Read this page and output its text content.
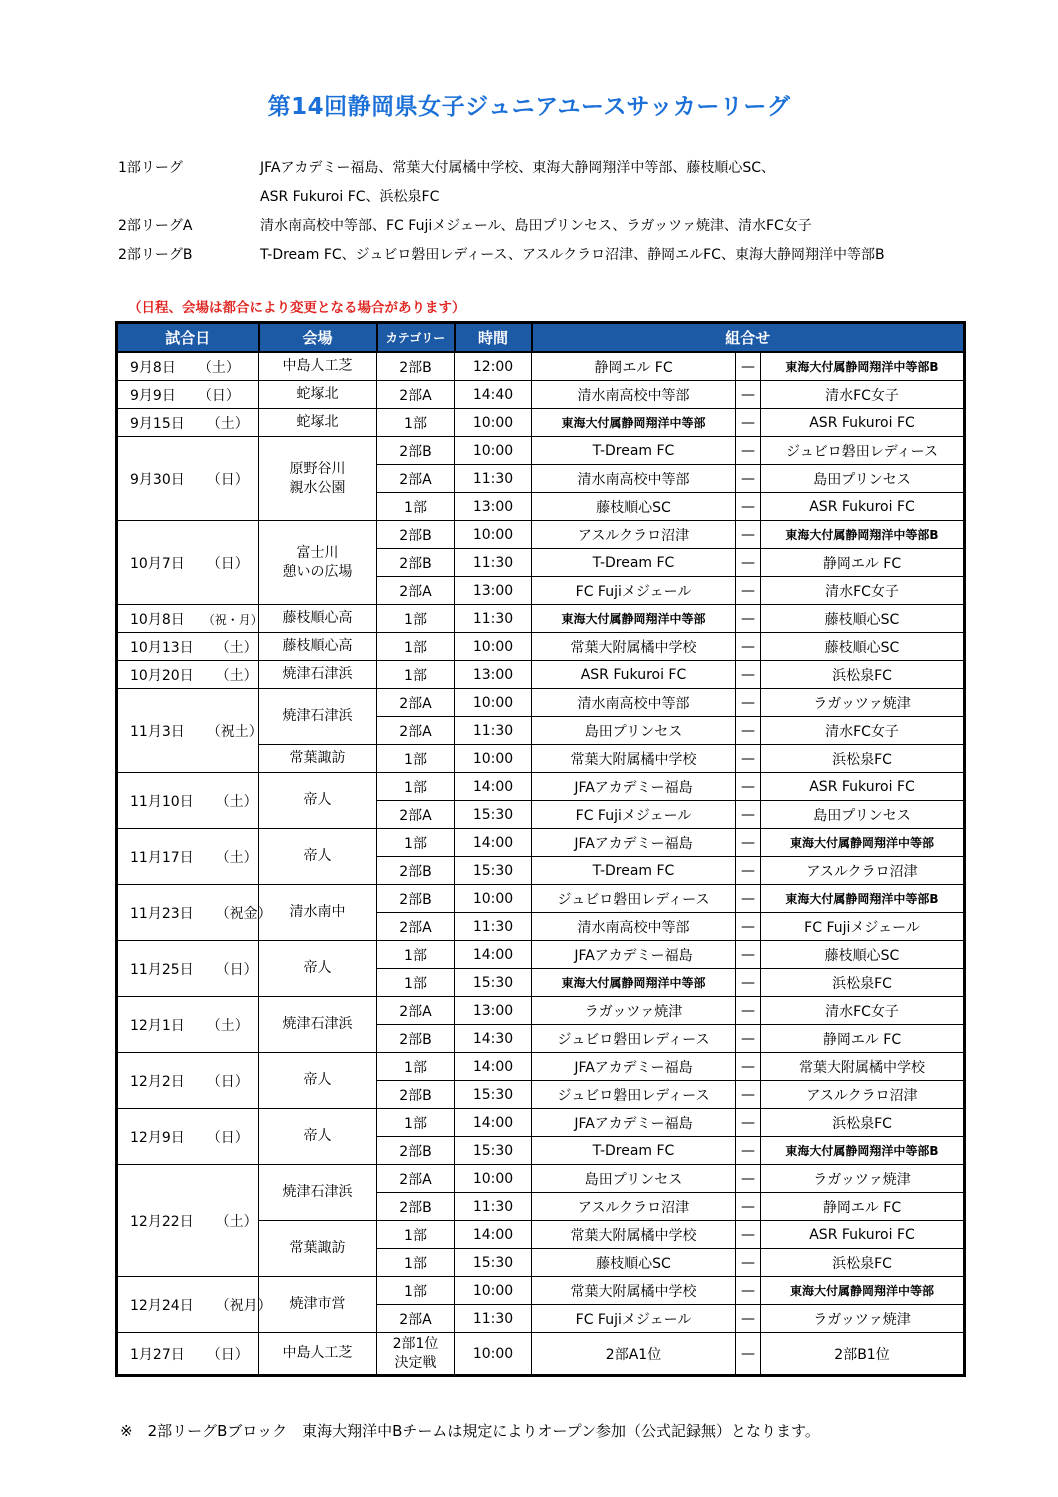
第14回静岡県女子ジュニアユースサッカーリーグ
1部リーグ	JFAアカデミー福島、常葉大付属橘中学校、東海大静岡翔洋中等部、藤枝順心SC、
ASR Fukuroi FC、浜松泉FC
2部リーグA	清水南高校中等部、FC Fujiメジェール、島田プリンセス、ラガッツァ焼津、清水FC女子
2部リーグB	T-Dream FC、ジュビロ磐田レディース、アスルクラロ沼津、静岡エルFC、東海大静岡翔洋中等部B
（日程、会場は都合により変更となる場合があります）
試合日	会場	カテゴリー	時間	組合せ		
9月8日 （土）	中島人工芝	2部B	12:00	静岡エル FC	—	東海大付属静岡翔洋中等部B
9月9日 （日）	蛇塚北	2部A	14:40	清水南高校中等部	—	清水FC女子
9月15日 （土）	蛇塚北	1部	10:00	東海大付属静岡翔洋中等部	—	ASR Fukuroi FC
9月30日 （日）	原野谷川
親水公園	2部B	10:00	T-Dream FC	—	ジュビロ磐田レディース
		2部A	11:30	清水南高校中等部	—	島田プリンセス
		1部	13:00	藤枝順心SC	—	ASR Fukuroi FC
10月7日 （日）	富士川
憩いの広場	2部B	10:00	アスルクラロ沼津	—	東海大付属静岡翔洋中等部B
		2部B	11:30	T-Dream FC	—	静岡エル FC
		2部A	13:00	FC Fujiメジェール	—	清水FC女子
10月8日 （祝・月）	藤枝順心高	1部	11:30	東海大付属静岡翔洋中等部	—	藤枝順心SC
10月13日 （土）	藤枝順心高	1部	10:00	常葉大附属橘中学校	—	藤枝順心SC
10月20日 （土）	焼津石津浜	1部	13:00	ASR Fukuroi FC	—	浜松泉FC
11月3日 （祝土）	焼津石津浜	2部A	10:00	清水南高校中等部	—	ラガッツァ焼津
		2部A	11:30	島田プリンセス	—	清水FC女子
	常葉諏訪	1部	10:00	常葉大附属橘中学校	—	浜松泉FC
11月10日 （土）	帝人	1部	14:00	JFAアカデミー福島	—	ASR Fukuroi FC
		2部A	15:30	FC Fujiメジェール	—	島田プリンセス
11月17日 （土）	帝人	1部	14:00	JFAアカデミー福島	—	東海大付属静岡翔洋中等部
		2部B	15:30	T-Dream FC	—	アスルクラロ沼津
11月23日 （祝金）	清水南中	2部B	10:00	ジュビロ磐田レディース	—	東海大付属静岡翔洋中等部B
		2部A	11:30	清水南高校中等部	—	FC Fujiメジェール
11月25日 （日）	帝人	1部	14:00	JFAアカデミー福島	—	藤枝順心SC
		1部	15:30	東海大付属静岡翔洋中等部	—	浜松泉FC
12月1日 （土）	焼津石津浜	2部A	13:00	ラガッツァ焼津	—	清水FC女子
		2部B	14:30	ジュビロ磐田レディース	—	静岡エル FC
12月2日 （日）	帝人	1部	14:00	JFAアカデミー福島	—	常葉大附属橘中学校
		2部B	15:30	ジュビロ磐田レディース	—	アスルクラロ沼津
12月9日 （日）	帝人	1部	14:00	JFAアカデミー福島	—	浜松泉FC
		2部B	15:30	T-Dream FC	—	東海大付属静岡翔洋中等部B
12月22日 （土）	焼津石津浜	2部A	10:00	島田プリンセス	—	ラガッツァ焼津
		2部B	11:30	アスルクラロ沼津	—	静岡エル FC
	常葉諏訪	1部	14:00	常葉大附属橘中学校	—	ASR Fukuroi FC
		1部	15:30	藤枝順心SC	—	浜松泉FC
12月24日 （祝月）	焼津市営	1部	10:00	常葉大附属橘中学校	—	東海大付属静岡翔洋中等部
		2部A	11:30	FC Fujiメジェール	—	ラガッツァ焼津
1月27日 （日）	中島人工芝	2部1位
決定戦	10:00	2部A1位	—	2部B1位
※　2部リーグBブロック　東海大翔洋中Bチームは規定によりオープン参加（公式記録無）となります。
